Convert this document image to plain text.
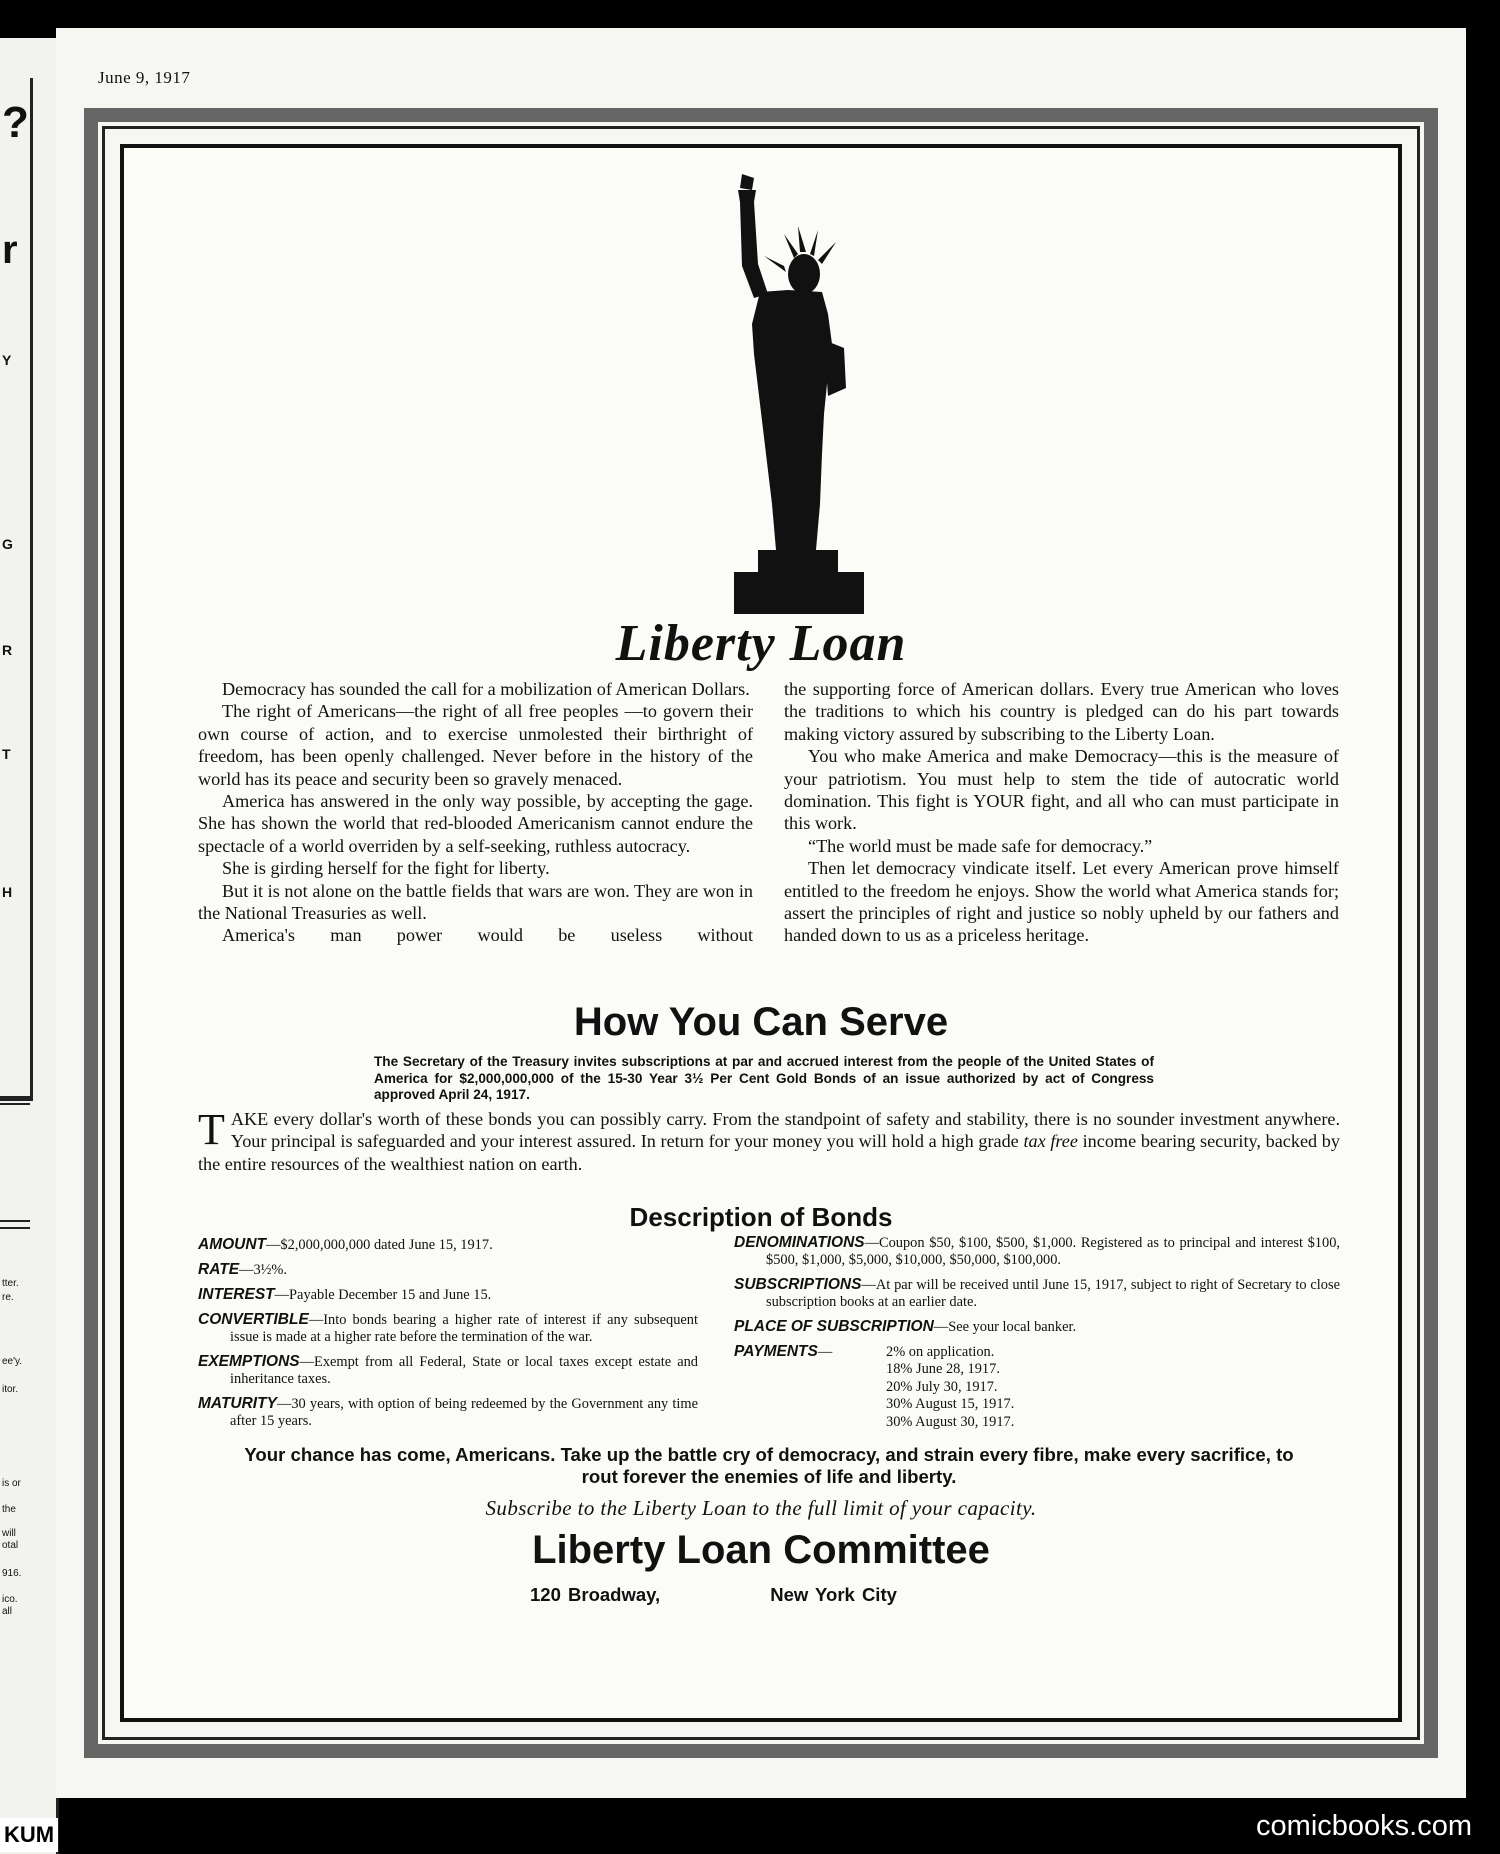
?
r
Y
G
R
T
H
tter.
re.
ee'y.
itor.
is or
the
will
otal
916.
ico.
all
June 9, 1917
Liberty Loan

Democracy has sounded the call for a mobilization of American Dollars.

The right of Americans—the right of all free peoples —to govern their own course of action, and to exercise unmolested their birthright of freedom, has been openly challenged. Never before in the history of the world has its peace and security been so gravely menaced.

America has answered in the only way possible, by accepting the gage. She has shown the world that red-blooded Americanism cannot endure the spectacle of a world overriden by a self-seeking, ruthless autocracy.

She is girding herself for the fight for liberty.

But it is not alone on the battle fields that wars are won. They are won in the National Treasuries as well.

America's man power would be useless without

the supporting force of American dollars. Every true American who loves the traditions to which his country is pledged can do his part towards making victory assured by subscribing to the Liberty Loan.

You who make America and make Democracy—this is the measure of your patriotism. You must help to stem the tide of autocratic world domination. This fight is YOUR fight, and all who can must participate in this work.

“The world must be made safe for democracy.”

Then let democracy vindicate itself. Let every American prove himself entitled to the freedom he enjoys. Show the world what America stands for; assert the principles of right and justice so nobly upheld by our fathers and handed down to us as a priceless heritage.

How You Can Serve
The Secretary of the Treasury invites subscriptions at par and accrued interest from the people of the United States of America for $2,000,000,000 of the 15-30 Year 3½ Per Cent Gold Bonds of an issue authorized by act of Congress approved April 24, 1917.
TAKE every dollar's worth of these bonds you can possibly carry. From the standpoint of safety and stability, there is no sounder investment anywhere. Your principal is safeguarded and your interest assured. In return for your money you will hold a high grade tax free income bearing security, backed by the entire resources of the wealthiest nation on earth.
Description of Bonds
AMOUNT—$2,000,000,000 dated June 15, 1917.
RATE—3½%.
INTEREST—Payable December 15 and June 15.
CONVERTIBLE—Into bonds bearing a higher rate of interest if any subsequent issue is made at a higher rate before the termination of the war.
EXEMPTIONS—Exempt from all Federal, State or local taxes except estate and inheritance taxes.
MATURITY—30 years, with option of being redeemed by the Government any time after 15 years.
DENOMINATIONS—Coupon $50, $100, $500, $1,000. Registered as to principal and interest $100, $500, $1,000, $5,000, $10,000, $50,000, $100,000.
SUBSCRIPTIONS—At par will be received until June 15, 1917, subject to right of Secretary to close subscription books at an earlier date.
PLACE OF SUBSCRIPTION—See your local banker.
PAYMENTS—	2% on application.
18% June 28, 1917.
20% July 30, 1917.
30% August 15, 1917.
30% August 30, 1917.
Your chance has come, Americans. Take up the battle cry of democracy, and strain every fibre, make every sacrifice, to rout forever the enemies of life and liberty.
Subscribe to the Liberty Loan to the full limit of your capacity.
Liberty Loan Committee
120 Broadway,	New York City
KUM	comicbooks.com
